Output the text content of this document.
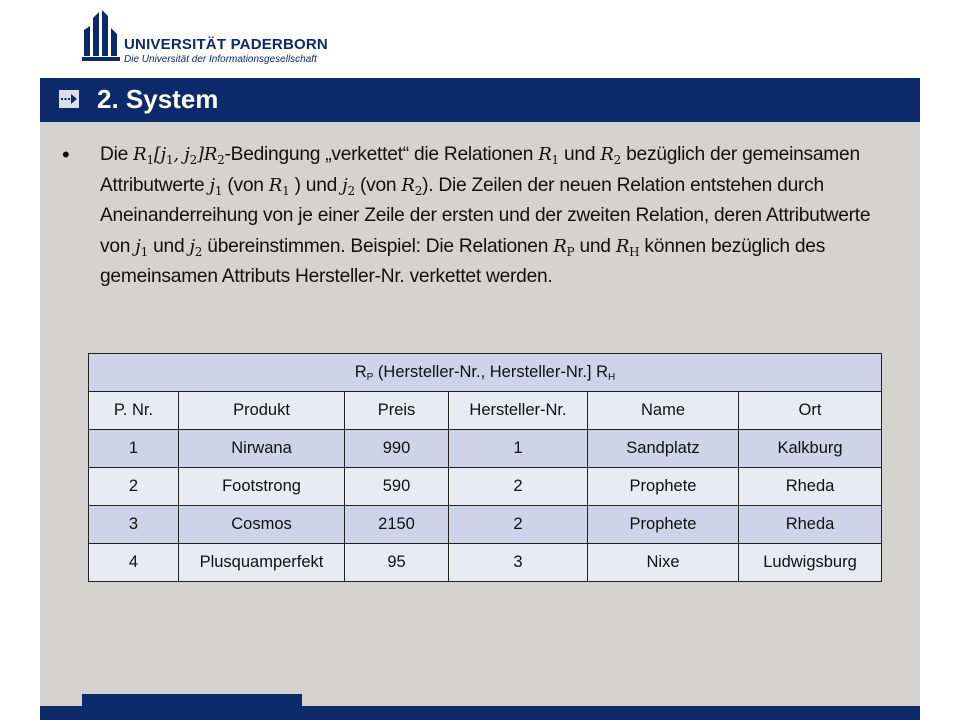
UNIVERSITÄT PADERBORN
Die Universität der Informationsgesellschaft
2. System
• Die $R_1[j_1$, $j_2]R_2$-Bedingung „verkettet“ die Relationen $R_1$ und $R_2$ bezüglich der gemeinsamen Attributwerte $j_1$ (von $R_1$ ) und $j_2$ (von $R_2$). Die Zeilen der neuen Relation entstehen durch Aneinanderreihung von je einer Zeile der ersten und der zweiten Relation, deren Attributwerte von $j_1$ und $j_2$ übereinstimmen. Beispiel: Die Relationen $R_P$ und $R_H$ können bezüglich des gemeinsamen Attributs Hersteller-Nr. verkettet werden.
$R_P$ (Hersteller-Nr., Hersteller-Nr.] $R_H$
P. Nr.	Produkt	Preis	Hersteller-Nr.	Name	Ort
1	Nirwana	990	1	Sandplatz	Kalkburg
2	Footstrong	590	2	Prophete	Rheda
3	Cosmos	2150	2	Prophete	Rheda
4	Plusquamperfekt	95	3	Nixe	Ludwigsburg
